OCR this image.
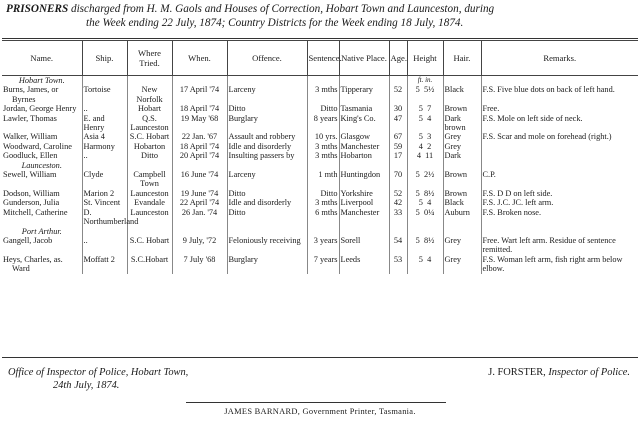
PRISONERS discharged from H. M. Gaols and Houses of Correction, Hobart Town and Launceston, during
the Week ending 22 July, 1874; Country Districts for the Week ending 18 July, 1874.
Name.	Ship.	Where Tried.	When.	Offence.	Sentence.	Native Place.	Age.	Height	Hair.	Remarks.
Hobart Town.								ft. in.		

Burns, James, or Byrnes	Tortoise	New Norfolk	17 April '74	Larceny	3 mths	Tipperary	52	5 5½	Black	F.S. Five blue dots on back of left hand.

Jordan, George Henry	..	Hobart	18 April '74	Ditto	Ditto	Tasmania	30	5 7	Brown	Free.

Lawler, Thomas	E. and Henry	Q.S. Launceston	19 May '68	Burglary	8 years	King's Co.	47	5 4	Dark brown	F.S. Mole on left side of neck.

Walker, William	Asia 4	S.C. Hobart	22 Jan. '67	Assault and robbery	10 yrs.	Glasgow	67	5 3	Grey	F.S. Scar and mole on forehead (right.)

Woodward, Caroline	Harmony	Hobarton	18 April '74	Idle and disorderly	3 mths	Manchester	59	4 2	Grey	

Goodluck, Ellen	..	Ditto	20 April '74	Insulting passers by	3 mths	Hobarton	17	4 11	Dark	
Launceston.										

Sewell, William	Clyde	Campbell Town	16 June '74	Larceny	1 mth	Huntingdon	70	5 2½	Brown	C.P.

Dodson, William	Marion 2	Launceston	19 June '74	Ditto	Ditto	Yorkshire	52	5 8½	Brown	F.S. D D on left side.

Gunderson, Julia	St. Vincent	Evandale	22 April '74	Idle and disorderly	3 mths	Liverpool	42	5 4	Black	F.S. J.C. JC. left arm.

Mitchell, Catherine	D. Northumberland	Launceston	26 Jan. '74	Ditto	6 mths	Manchester	33	5 0¼	Auburn	F.S. Broken nose.
Port Arthur.										

Gangell, Jacob	..	S.C. Hobart	9 July, '72	Feloniously receiving	3 years	Sorell	54	5 8½	Grey	Free. Wart left arm. Residue of sentence remitted.

Heys, Charles, as. Ward	Moffatt 2	S.C.Hobart	7 July '68	Burglary	7 years	Leeds	53	5 4	Grey	F.S. Woman left arm, fish right arm below elbow.
Office of Inspector of Police, Hobart Town,
24th July, 1874.
J. FORSTER, Inspector of Police.
JAMES BARNARD, Government Printer, Tasmania.
